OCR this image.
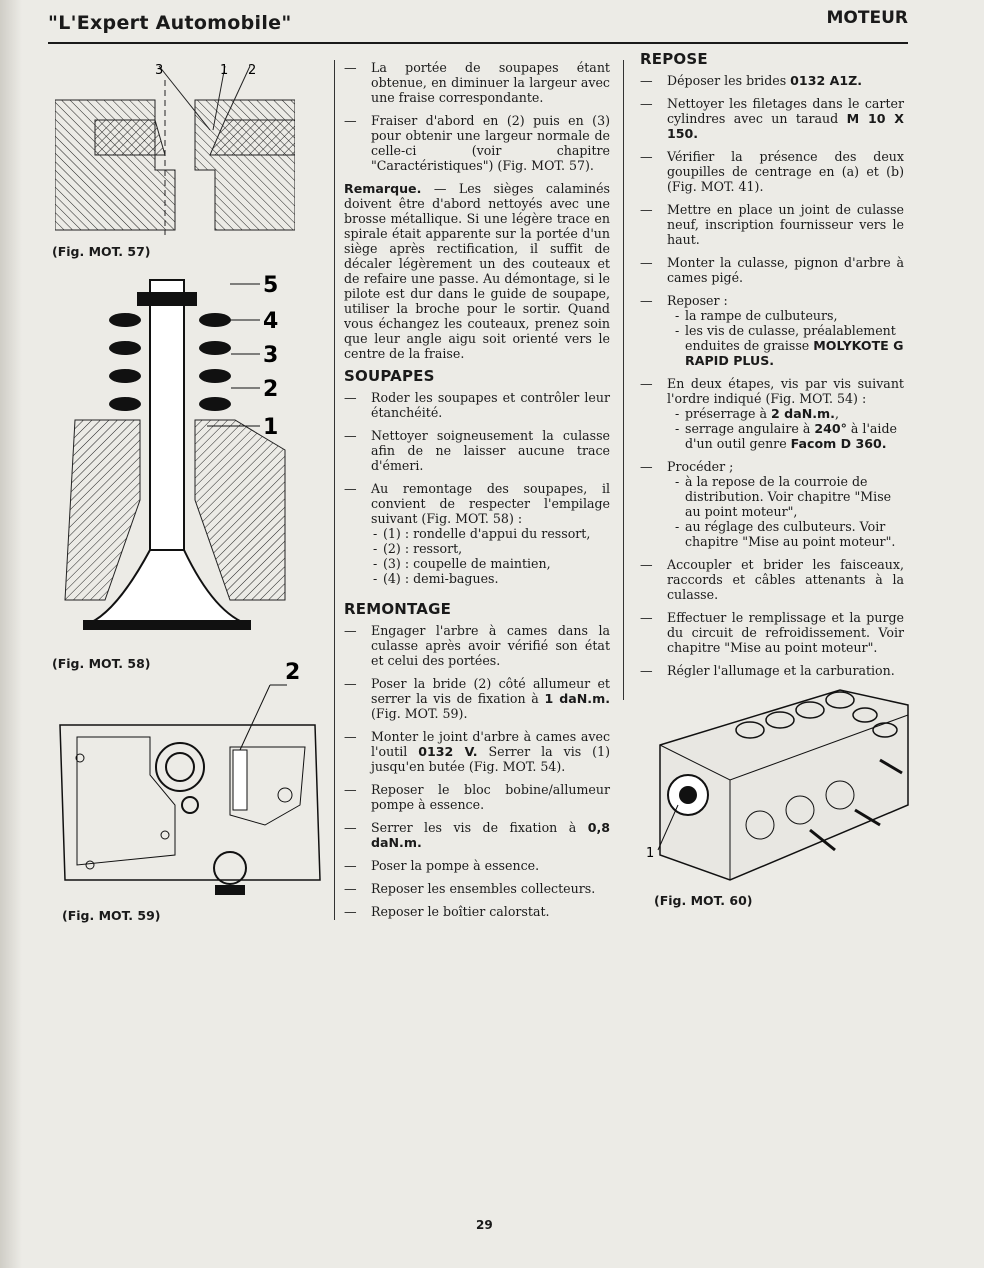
"L'Expert Automobile"	MOTEUR
3	1 2
(Fig. MOT. 57)
5
4
3
2
1
(Fig. MOT. 58)	2
(Fig. MOT. 59)
— La portée de soupapes étant obtenue, en diminuer la largeur avec une fraise correspondante.
— Fraiser d'abord en (2) puis en (3) pour obtenir une largeur normale de celle-ci (voir chapitre "Caractéristiques") (Fig. MOT. 57).

Remarque. — Les sièges calaminés doivent être d'abord nettoyés avec une brosse métallique. Si une légère trace en spirale était apparente sur la portée d'un siège après rectification, il suffit de décaler légèrement un des couteaux et de refaire une passe. Au démontage, si le pilote est dur dans le guide de soupape, utiliser la broche pour le sortir. Quand vous échangez les couteaux, prenez soin que leur angle aigu soit orienté vers le centre de la fraise.

SOUPAPES
— Roder les soupapes et contrôler leur étanchéité.
— Nettoyer soigneusement la culasse afin de ne laisser aucune trace d'émeri.
— Au remontage des soupapes, il convient de respecter l'empilage suivant (Fig. MOT. 58) :
- (1) : rondelle d'appui du ressort,
- (2) : ressort,
- (3) : coupelle de maintien,
- (4) : demi-bagues.
REMONTAGE
— Engager l'arbre à cames dans la culasse après avoir vérifié son état et celui des portées.
— Poser la bride (2) côté allumeur et serrer la vis de fixation à 1 daN.m. (Fig. MOT. 59).
— Monter le joint d'arbre à cames avec l'outil 0132 V. Serrer la vis (1) jusqu'en butée (Fig. MOT. 54).
— Reposer le bloc bobine/allumeur pompe à essence.
— Serrer les vis de fixation à 0,8 daN.m.
— Poser la pompe à essence.
— Reposer les ensembles collecteurs.
— Reposer le boîtier calorstat.
REPOSE
— Déposer les brides 0132 A1Z.
— Nettoyer les filetages dans le carter cylindres avec un taraud M 10 X 150.
— Vérifier la présence des deux goupilles de centrage en (a) et (b) (Fig. MOT. 41).
— Mettre en place un joint de culasse neuf, inscription fournisseur vers le haut.
— Monter la culasse, pignon d'arbre à cames pigé.
— Reposer :
- la rampe de culbuteurs,
- les vis de culasse, préalablement enduites de graisse MOLYKOTE G RAPID PLUS.
— En deux étapes, vis par vis suivant l'ordre indiqué (Fig. MOT. 54) :
- préserrage à 2 daN.m.,
- serrage angulaire à 240° à l'aide d'un outil genre Facom D 360.
— Procéder ;
- à la repose de la courroie de distribution. Voir chapitre "Mise au point moteur",
- au réglage des culbuteurs. Voir chapitre "Mise au point moteur".
— Accoupler et brider les faisceaux, raccords et câbles attenants à la culasse.
— Effectuer le remplissage et la purge du circuit de refroidissement. Voir chapitre "Mise au point moteur".
— Régler l'allumage et la carburation.
1
(Fig. MOT. 60)
29
